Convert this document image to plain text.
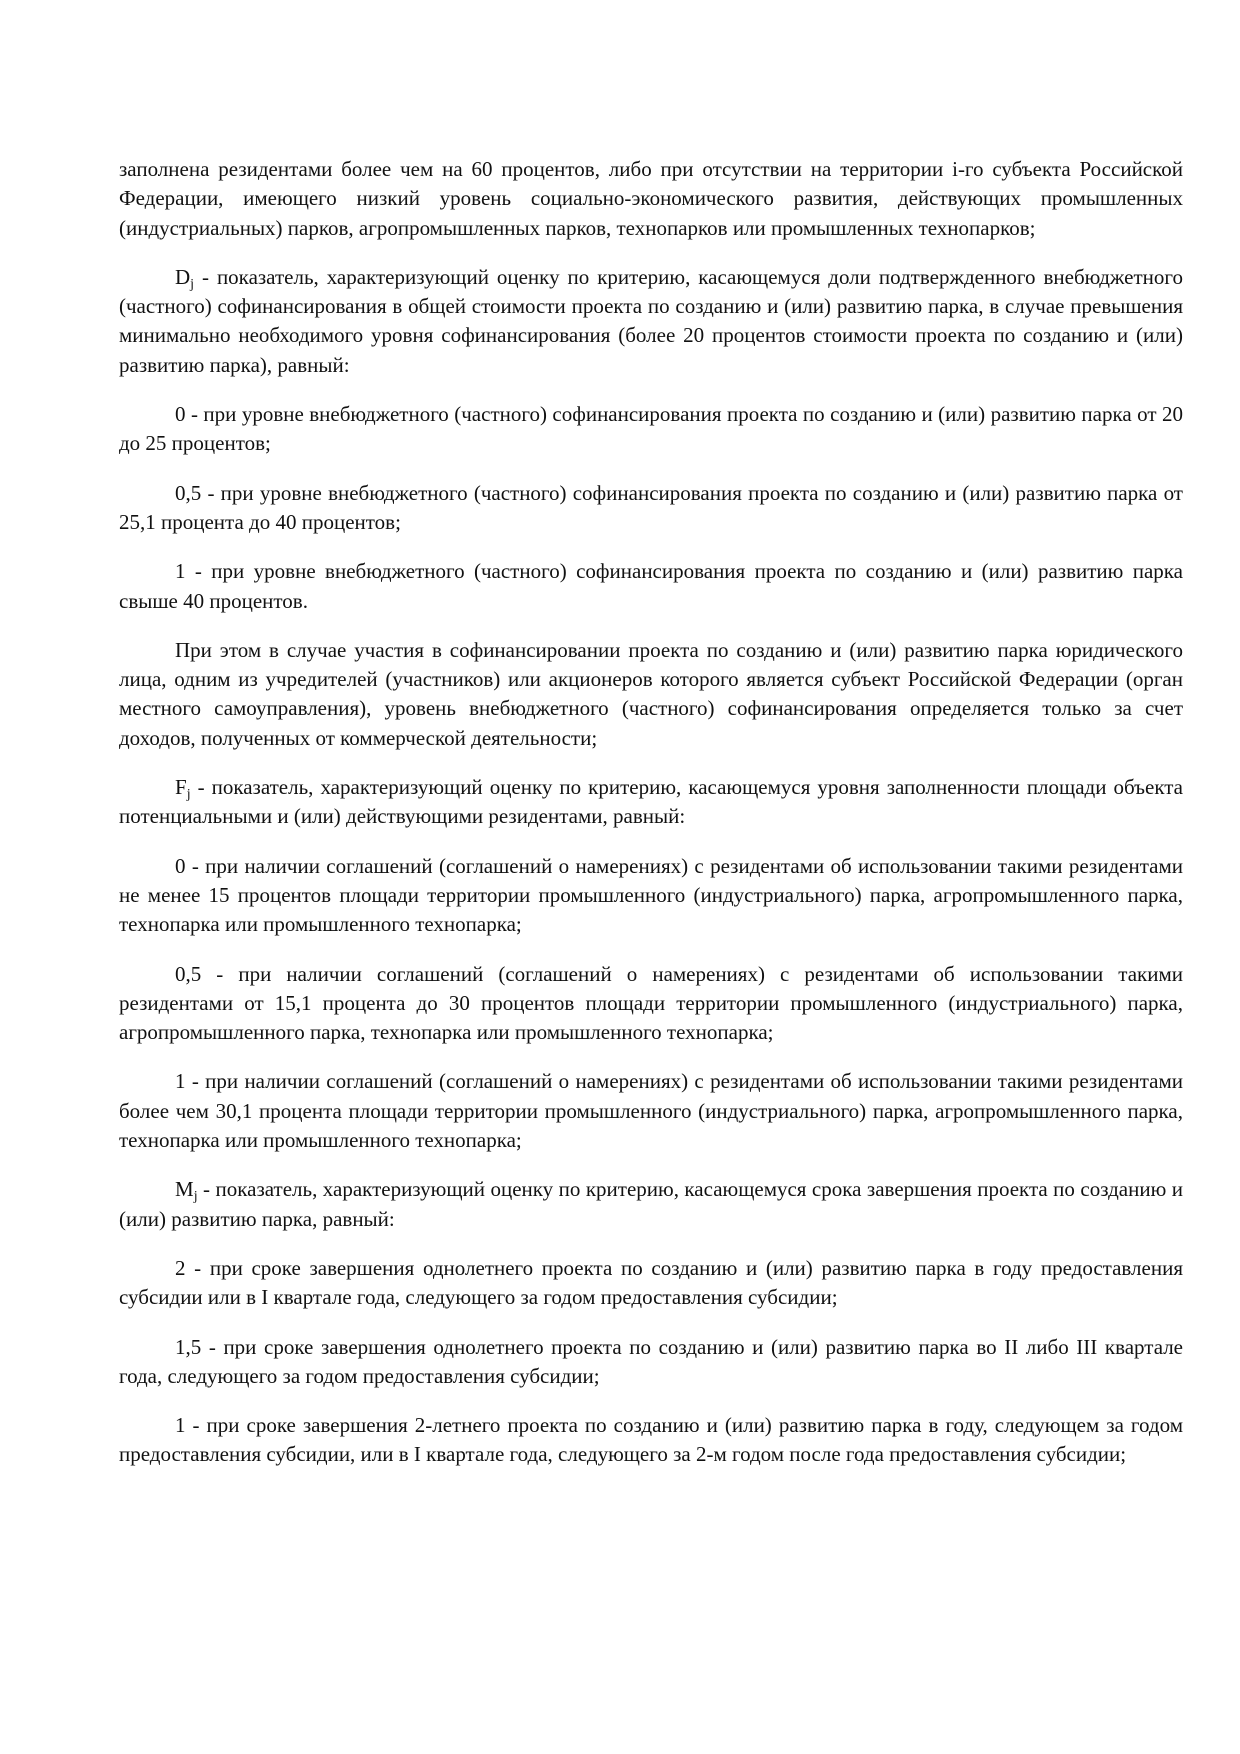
заполнена резидентами более чем на 60 процентов, либо при отсутствии на территории i-го субъекта Российской Федерации, имеющего низкий уровень социально-экономического развития, действующих промышленных (индустриальных) парков, агропромышленных парков, технопарков или промышленных технопарков;

$D_j$ - показатель, характеризующий оценку по критерию, касающемуся доли подтвержденного внебюджетного (частного) софинансирования в общей стоимости проекта по созданию и (или) развитию парка, в случае превышения минимально необходимого уровня софинансирования (более 20 процентов стоимости проекта по созданию и (или) развитию парка), равный:

0 - при уровне внебюджетного (частного) софинансирования проекта по созданию и (или) развитию парка от 20 до 25 процентов;

0,5 - при уровне внебюджетного (частного) софинансирования проекта по созданию и (или) развитию парка от 25,1 процента до 40 процентов;

1 - при уровне внебюджетного (частного) софинансирования проекта по созданию и (или) развитию парка свыше 40 процентов.

При этом в случае участия в софинансировании проекта по созданию и (или) развитию парка юридического лица, одним из учредителей (участников) или акционеров которого является субъект Российской Федерации (орган местного самоуправления), уровень внебюджетного (частного) софинансирования определяется только за счет доходов, полученных от коммерческой деятельности;

$F_j$ - показатель, характеризующий оценку по критерию, касающемуся уровня заполненности площади объекта потенциальными и (или) действующими резидентами, равный:

0 - при наличии соглашений (соглашений о намерениях) с резидентами об использовании такими резидентами не менее 15 процентов площади территории промышленного (индустриального) парка, агропромышленного парка, технопарка или промышленного технопарка;

0,5 - при наличии соглашений (соглашений о намерениях) с резидентами об использовании такими резидентами от 15,1 процента до 30 процентов площади территории промышленного (индустриального) парка, агропромышленного парка, технопарка или промышленного технопарка;

1 - при наличии соглашений (соглашений о намерениях) с резидентами об использовании такими резидентами более чем 30,1 процента площади территории промышленного (индустриального) парка, агропромышленного парка, технопарка или промышленного технопарка;

$M_j$ - показатель, характеризующий оценку по критерию, касающемуся срока завершения проекта по созданию и (или) развитию парка, равный:

2 - при сроке завершения однолетнего проекта по созданию и (или) развитию парка в году предоставления субсидии или в I квартале года, следующего за годом предоставления субсидии;

1,5 - при сроке завершения однолетнего проекта по созданию и (или) развитию парка во II либо III квартале года, следующего за годом предоставления субсидии;

1 - при сроке завершения 2-летнего проекта по созданию и (или) развитию парка в году, следующем за годом предоставления субсидии, или в I квартале года, следующего за 2-м годом после года предоставления субсидии;
